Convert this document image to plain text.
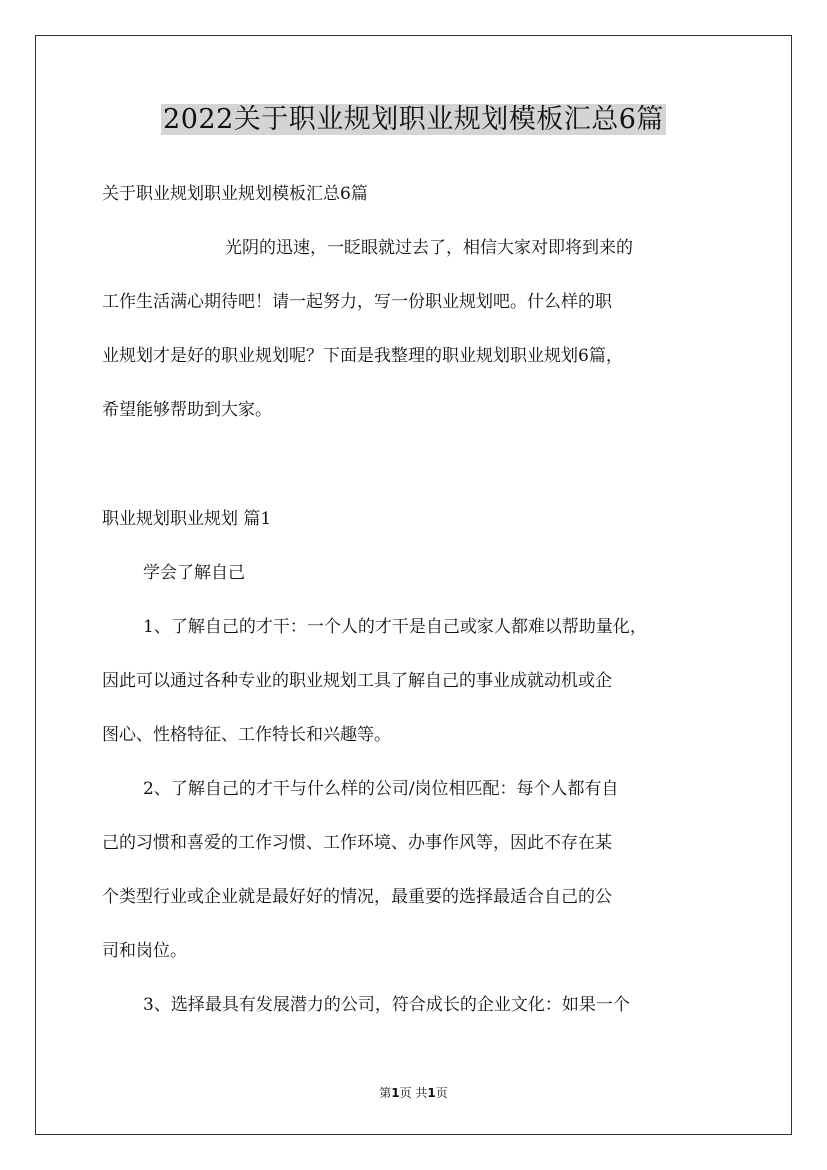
2022关于职业规划职业规划模板汇总6篇
关于职业规划职业规划模板汇总6篇
光阴的迅速，一眨眼就过去了，相信大家对即将到来的
工作生活满心期待吧！请一起努力，写一份职业规划吧。什么样的职
业规划才是好的职业规划呢？下面是我整理的职业规划职业规划6篇，
希望能够帮助到大家。
职业规划职业规划 篇1
学会了解自己
1、了解自己的才干：一个人的才干是自己或家人都难以帮助量化，
因此可以通过各种专业的职业规划工具了解自己的事业成就动机或企
图心、性格特征、工作特长和兴趣等。
2、了解自己的才干与什么样的公司/岗位相匹配：每个人都有自
己的习惯和喜爱的工作习惯、工作环境、办事作风等，因此不存在某
个类型行业或企业就是最好好的情况，最重要的选择最适合自己的公
司和岗位。
3、选择最具有发展潜力的公司，符合成长的企业文化：如果一个
第1页 共1页
